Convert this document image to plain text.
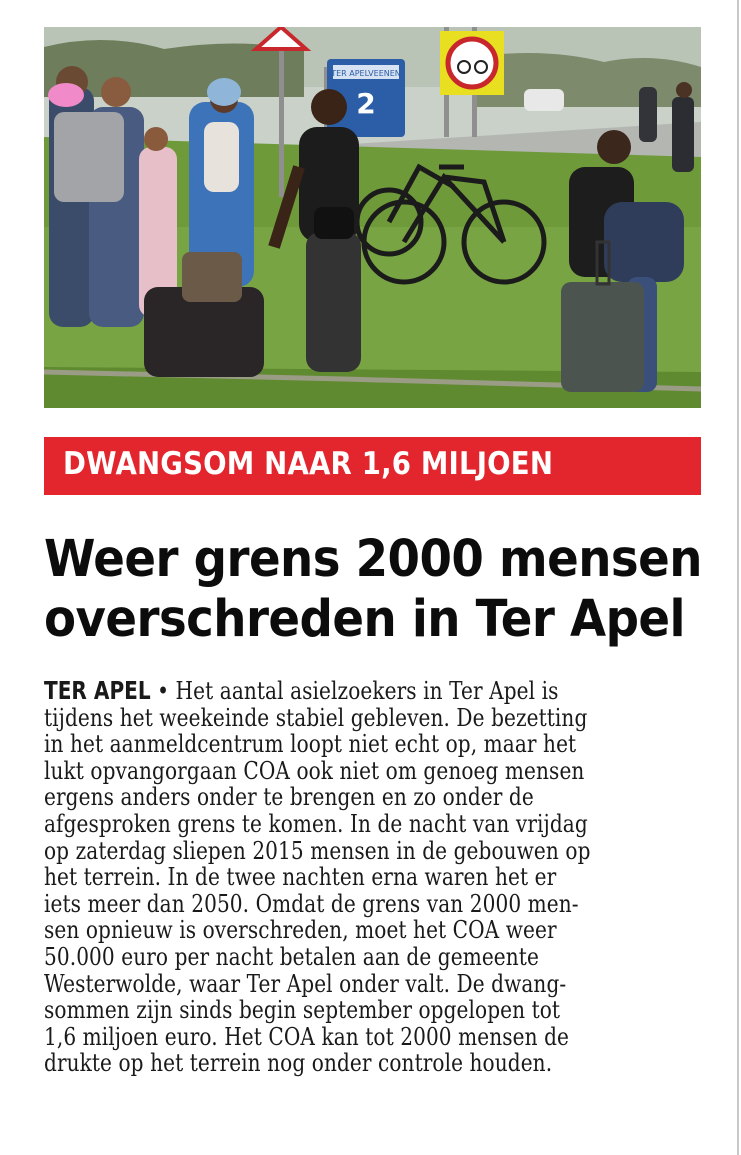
TER APELVEENEN
2
DWANGSOM NAAR 1,6 MILJOEN
Weer grens 2000 mensen
overschreden in Ter Apel
TER APEL • Het aantal asielzoekers in Ter Apel is
tijdens het weekeinde stabiel gebleven. De bezetting
in het aanmeldcentrum loopt niet echt op, maar het
lukt opvangorgaan COA ook niet om genoeg mensen
ergens anders onder te brengen en zo onder de
afgesproken grens te komen. In de nacht van vrijdag
op zaterdag sliepen 2015 mensen in de gebouwen op
het terrein. In de twee nachten erna waren het er
iets meer dan 2050. Omdat de grens van 2000 men-
sen opnieuw is overschreden, moet het COA weer
50.000 euro per nacht betalen aan de gemeente
Westerwolde, waar Ter Apel onder valt. De dwang-
sommen zijn sinds begin september opgelopen tot
1,6 miljoen euro. Het COA kan tot 2000 mensen de
drukte op het terrein nog onder controle houden.
